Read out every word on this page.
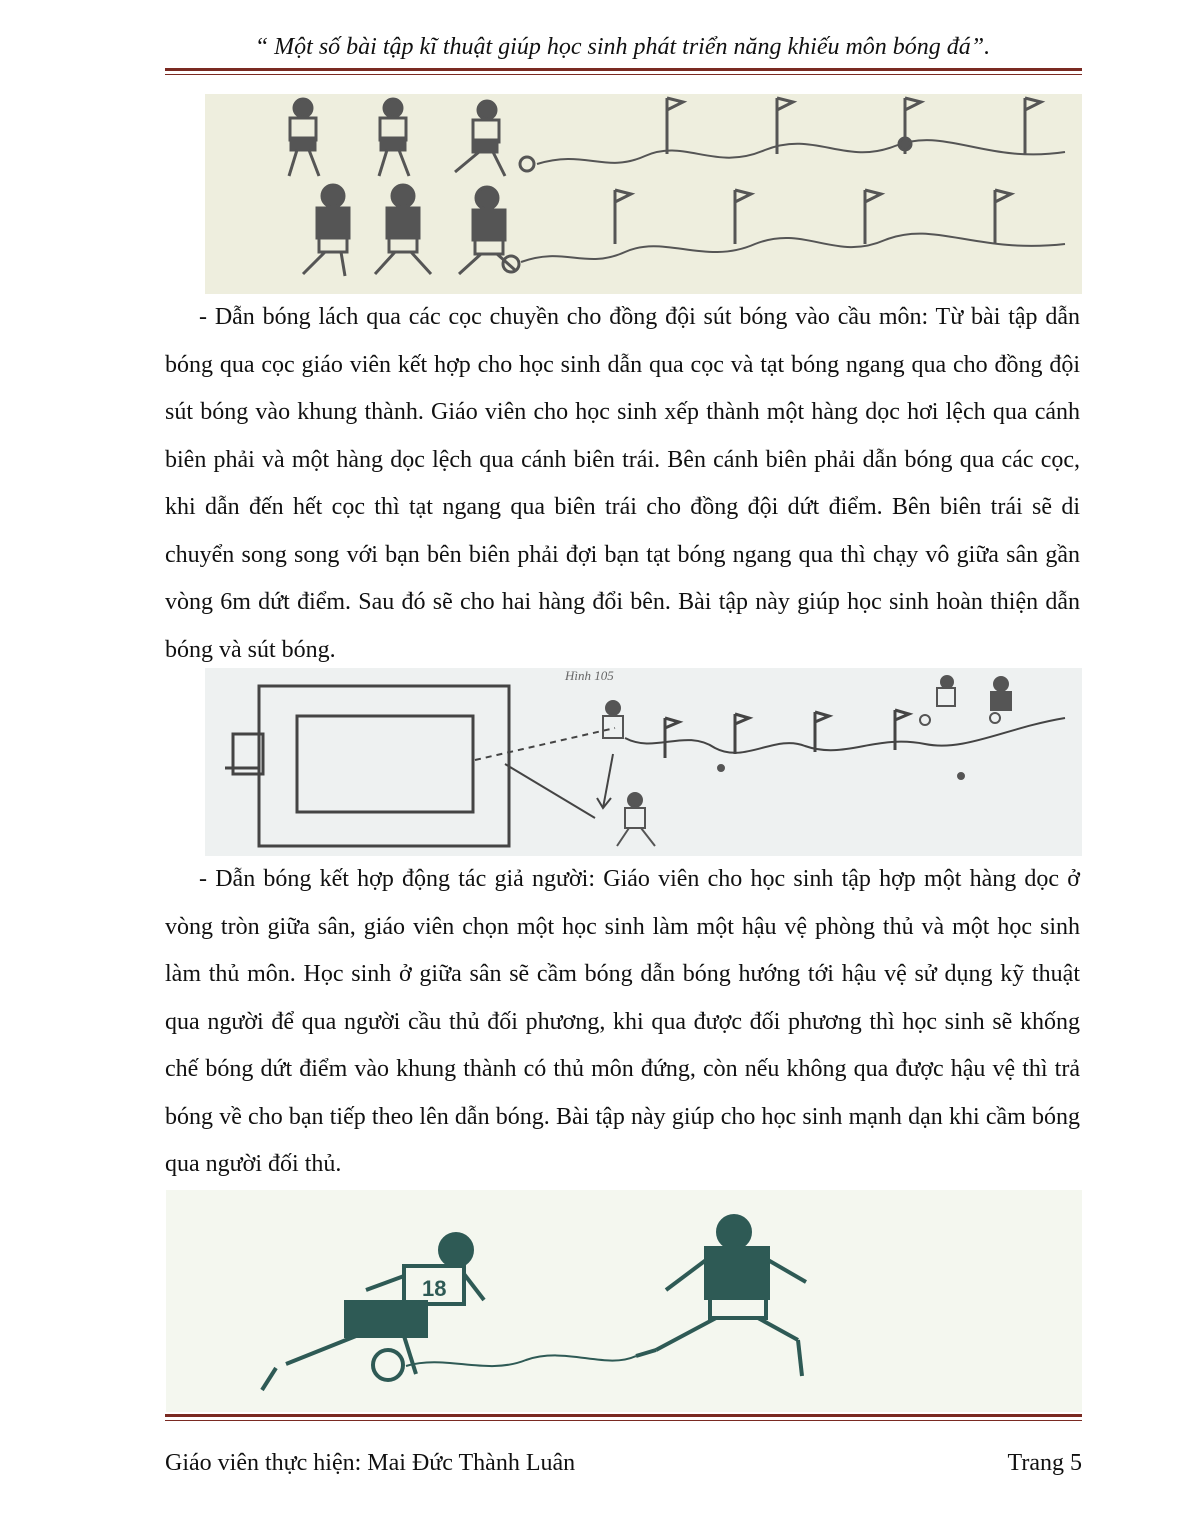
“ Một số bài tập kĩ thuật giúp học sinh phát triển năng khiếu môn bóng đá”.

- Dẫn bóng lách qua các cọc chuyền cho đồng đội sút bóng vào cầu môn: Từ bài tập dẫn bóng qua cọc giáo viên kết hợp cho học sinh dẫn qua cọc và tạt bóng ngang qua cho đồng đội sút bóng vào khung thành. Giáo viên cho học sinh xếp thành một hàng dọc hơi lệch qua cánh biên phải và một hàng dọc lệch qua cánh biên trái. Bên cánh biên phải dẫn bóng qua các cọc, khi dẫn đến hết cọc thì tạt ngang qua biên trái cho đồng đội dứt điểm. Bên biên trái sẽ di chuyển song song với bạn bên biên phải đợi bạn tạt bóng ngang qua thì chạy vô giữa sân gần vòng 6m dứt điểm. Sau đó sẽ cho hai hàng đổi bên. Bài tập này giúp học sinh hoàn thiện dẫn bóng và sút bóng.

Hình 105

- Dẫn bóng kết hợp động tác giả người: Giáo viên cho học sinh tập hợp một hàng dọc ở vòng tròn giữa sân, giáo viên chọn một học sinh làm một hậu vệ phòng thủ và một học sinh làm thủ môn. Học sinh ở giữa sân sẽ cầm bóng dẫn bóng hướng tới hậu vệ sử dụng kỹ thuật qua người để qua người cầu thủ đối phương, khi qua được đối phương thì học sinh sẽ khống chế bóng dứt điểm vào khung thành có thủ môn đứng, còn nếu không qua được hậu vệ thì trả bóng về cho bạn tiếp theo lên dẫn bóng. Bài tập này giúp cho học sinh mạnh dạn khi cầm bóng qua người đối thủ.

18
Giáo viên thực hiện: Mai Đức Thành Luân	Trang 5
